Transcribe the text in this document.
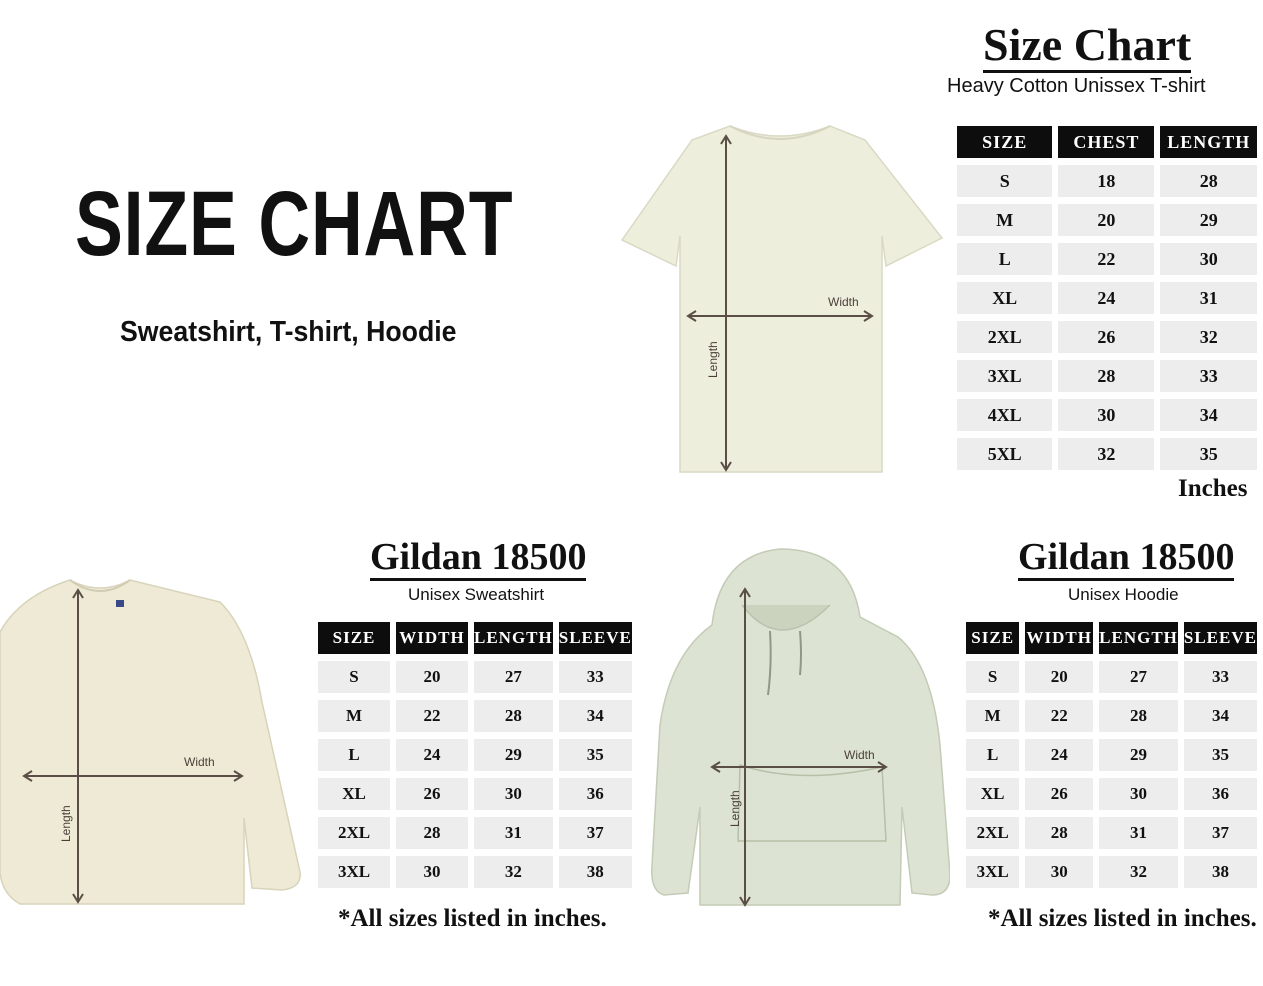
SIZE CHART
Sweatshirt, T-shirt, Hoodie
Width
Length
Size Chart
Heavy Cotton Unissex T-shirt
SIZE	CHEST	LENGTH
S	18	28
M	20	29
L	22	30
XL	24	31
2XL	26	32
3XL	28	33
4XL	30	34
5XL	32	35
Inches
Width
Length
Gildan 18500
Unisex Sweatshirt
SIZE	WIDTH	LENGTH	SLEEVE
S	20	27	33
M	22	28	34
L	24	29	35
XL	26	30	36
2XL	28	31	37
3XL	30	32	38
*All sizes listed in inches.
Width
Length
Gildan 18500
Unisex Hoodie
SIZE	WIDTH	LENGTH	SLEEVE
S	20	27	33
M	22	28	34
L	24	29	35
XL	26	30	36
2XL	28	31	37
3XL	30	32	38
*All sizes listed in inches.
